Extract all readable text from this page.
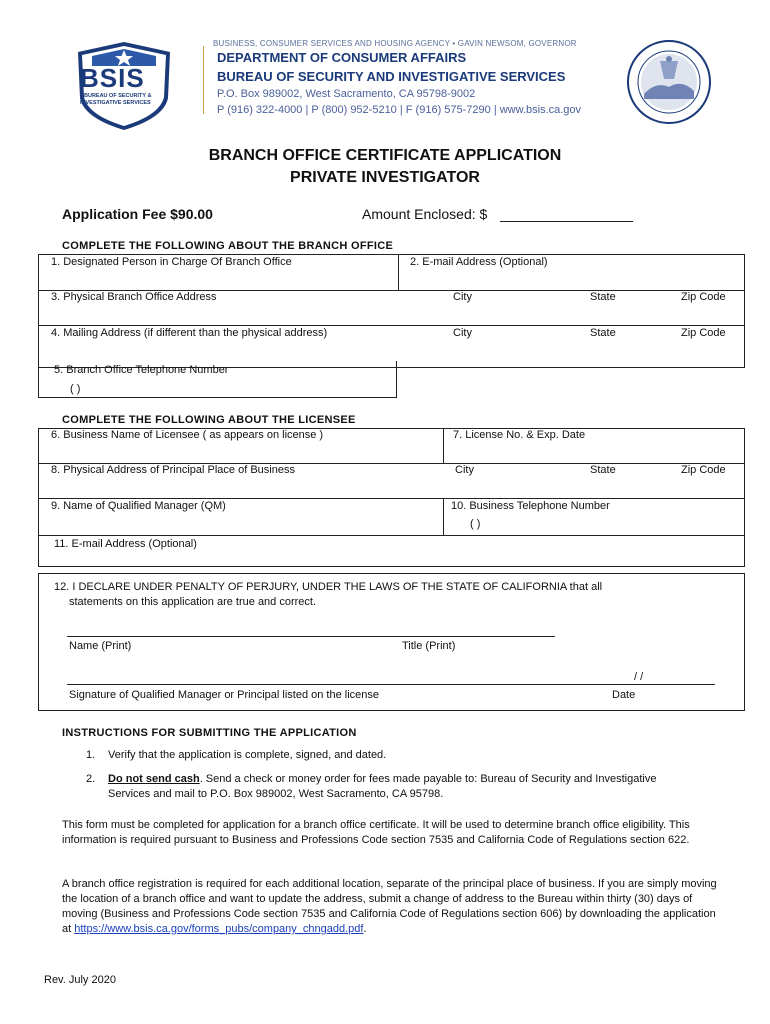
BSIS
BUREAU OF SECURITY &
INVESTIGATIVE SERVICES
BUSINESS, CONSUMER SERVICES AND HOUSING AGENCY • GAVIN NEWSOM, GOVERNOR
DEPARTMENT OF CONSUMER AFFAIRS
BUREAU OF SECURITY AND INVESTIGATIVE SERVICES
P.O. Box 989002, West Sacramento, CA 95798-9002
P (916) 322-4000 | P (800) 952-5210 | F (916) 575-7290 | www.bsis.ca.gov
BRANCH OFFICE CERTIFICATE APPLICATION
PRIVATE INVESTIGATOR
Application Fee $90.00	Amount Enclosed: $
COMPLETE THE FOLLOWING ABOUT THE BRANCH OFFICE
1. Designated Person in Charge Of Branch Office	2. E-mail Address (Optional)
3. Physical Branch Office Address	City	State	Zip Code
4. Mailing Address (if different than the physical address)	City	State	Zip Code
5. Branch Office Telephone Number
( )
COMPLETE THE FOLLOWING ABOUT THE LICENSEE
6. Business Name of Licensee ( as appears on license )	7. License No. & Exp. Date
8. Physical Address of Principal Place of Business	City	State	Zip Code
9. Name of Qualified Manager (QM)	10. Business Telephone Number
( )
11. E-mail Address (Optional)
12. I DECLARE UNDER PENALTY OF PERJURY, UNDER THE LAWS OF THE STATE OF CALIFORNIA that all
statements on this application are true and correct.
Name (Print)	Title (Print)
/ /
Signature of Qualified Manager or Principal listed on the license	Date
INSTRUCTIONS FOR SUBMITTING THE APPLICATION
1. Verify that the application is complete, signed, and dated.
2. Do not send cash. Send a check or money order for fees made payable to: Bureau of Security and Investigative
Services and mail to P.O. Box 989002, West Sacramento, CA 95798.
This form must be completed for application for a branch office certificate. It will be used to determine branch office eligibility. This information is required pursuant to Business and Professions Code section 7535 and California Code of Regulations section 622.
A branch office registration is required for each additional location, separate of the principal place of business. If you are simply moving the location of a branch office and want to update the address, submit a change of address to the Bureau within thirty (30) days of moving (Business and Professions Code section 7535 and California Code of Regulations section 606) by downloading the application at https://www.bsis.ca.gov/forms_pubs/company_chngadd.pdf.
Rev. July 2020
